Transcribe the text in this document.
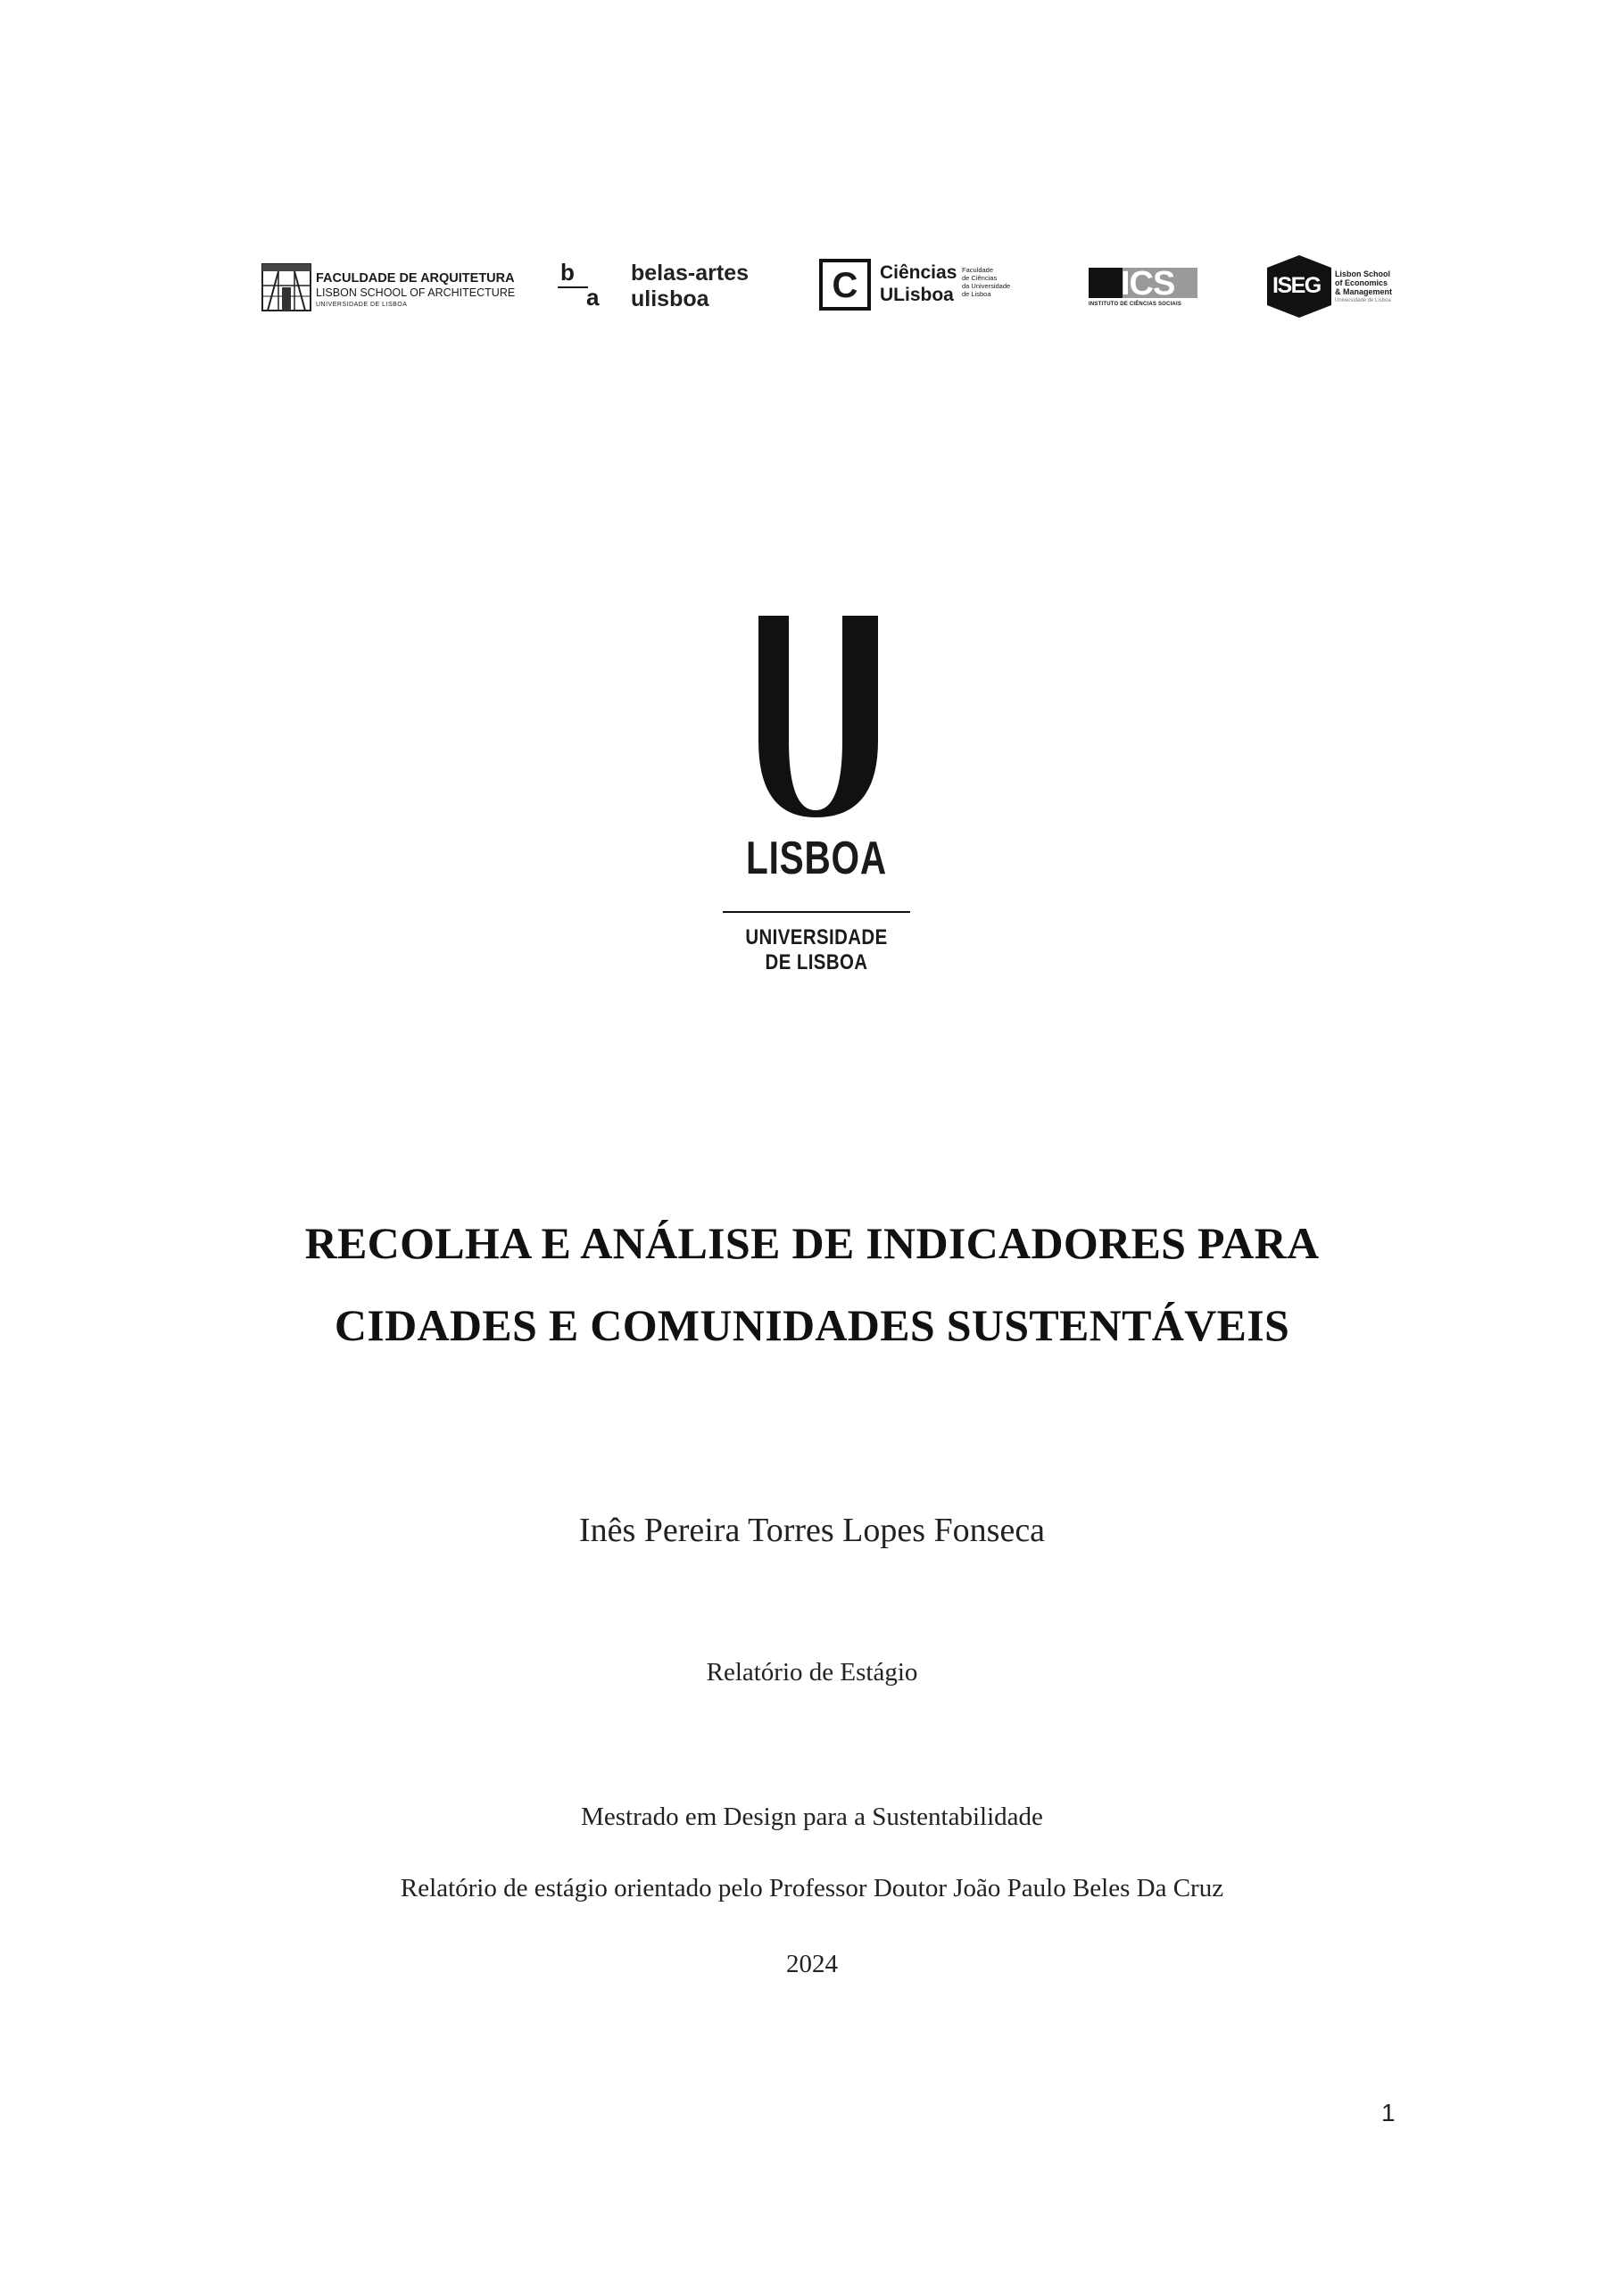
FACULDADE DE ARQUITETURA
LISBON SCHOOL OF ARCHITECTURE
UNIVERSIDADE DE LISBOA
b
a
belas-artes
ulisboa	C	Ciências
ULisboa
Faculdade
de Ciências
da Universidade
de Lisboa	ICS
INSTITUTO DE CIÊNCIAS SOCIAIS
ISEG Lisbon School
of Economics
& Management
Universidade de Lisboa
LISBOA
UNIVERSIDADE
DE LISBOA
RECOLHA E ANÁLISE DE INDICADORES PARA
CIDADES E COMUNIDADES SUSTENTÁVEIS
Inês Pereira Torres Lopes Fonseca
Relatório de Estágio
Mestrado em Design para a Sustentabilidade
Relatório de estágio orientado pelo Professor Doutor João Paulo Beles Da Cruz
2024
1
